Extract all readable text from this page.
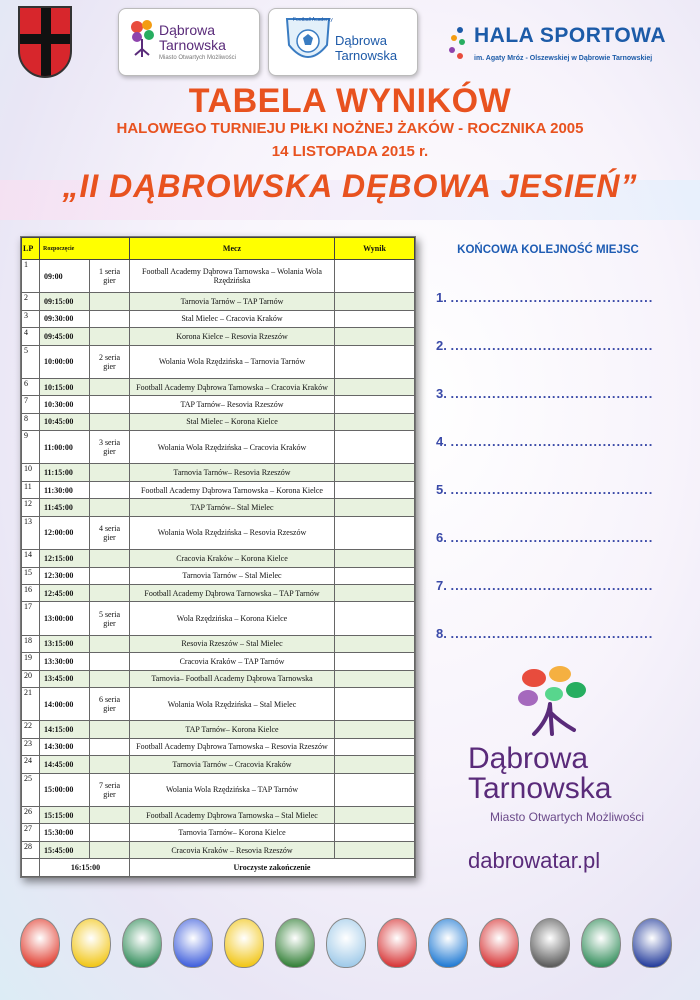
Dąbrowa
Tarnowska
Miasto Otwartych Możliwości
Football Academy
Dąbrowa
Tarnowska
HALA SPORTOWA
im. Agaty Mróz - Olszewskiej w Dąbrowie Tarnowskiej
TABELA WYNIKÓW
HALOWEGO TURNIEJU PIŁKI NOŻNEJ ŻAKÓW - ROCZNIKA 2005
14 LISTOPADA 2015 r.
„II DĄBROWSKA DĘBOWA JESIEŃ”
LP	Rozpoczęcie		Mecz	Wynik
1	09:00	1 seria gier	Football Academy Dąbrowa Tarnowska – Wolania Wola Rzędzińska	
2	09:15:00		Tarnovia Tarnów – TAP Tarnów	
3	09:30:00		Stal Mielec – Cracovia Kraków	
4	09:45:00		Korona Kielce – Resovia Rzeszów	
5	10:00:00	2 seria gier	Wolania Wola Rzędzińska – Tarnovia Tarnów	
6	10:15:00		Football Academy Dąbrowa Tarnowska – Cracovia Kraków	
7	10:30:00		TAP Tarnów– Resovia Rzeszów	
8	10:45:00		Stal Mielec – Korona Kielce	
9	11:00:00	3 seria gier	Wolania Wola Rzędzińska – Cracovia Kraków	
10	11:15:00		Tarnovia Tarnów– Resovia Rzeszów	
11	11:30:00		Football Academy Dąbrowa Tarnowska – Korona Kielce	
12	11:45:00		TAP Tarnów– Stal Mielec	
13	12:00:00	4 seria gier	Wolania Wola Rzędzińska – Resovia Rzeszów	
14	12:15:00		Cracovia Kraków – Korona Kielce	
15	12:30:00		Tarnovia Tarnów – Stal Mielec	
16	12:45:00		Football Academy Dąbrowa Tarnowska – TAP Tarnów	
17	13:00:00	5 seria gier	Wola Rzędzińska – Korona Kielce	
18	13:15:00		Resovia Rzeszów – Stal Mielec	
19	13:30:00		Cracovia Kraków – TAP Tarnów	
20	13:45:00		Tarnovia– Football Academy Dąbrowa Tarnowska	
21	14:00:00	6 seria gier	Wolania Wola Rzędzińska – Stal Mielec	
22	14:15:00		TAP Tarnów– Korona Kielce	
23	14:30:00		Football Academy Dąbrowa Tarnowska – Resovia Rzeszów	
24	14:45:00		Tarnovia Tarnów – Cracovia Kraków	
25	15:00:00	7 seria gier	Wolania Wola Rzędzińska – TAP Tarnów	
26	15:15:00		Football Academy Dąbrowa Tarnowska – Stal Mielec	
27	15:30:00		Tarnovia Tarnów– Korona Kielce	
28	15:45:00		Cracovia Kraków – Resovia Rzeszów	
	16:15:00		Uroczyste zakończenie	
KOŃCOWA KOLEJNOŚĆ MIEJSC
1. ............................................
2. ............................................
3. ............................................
4. ............................................
5. ............................................
6. ............................................
7. ............................................
8. ............................................
Dąbrowa
Tarnowska
Miasto Otwartych Możliwości
dabrowatar.pl
